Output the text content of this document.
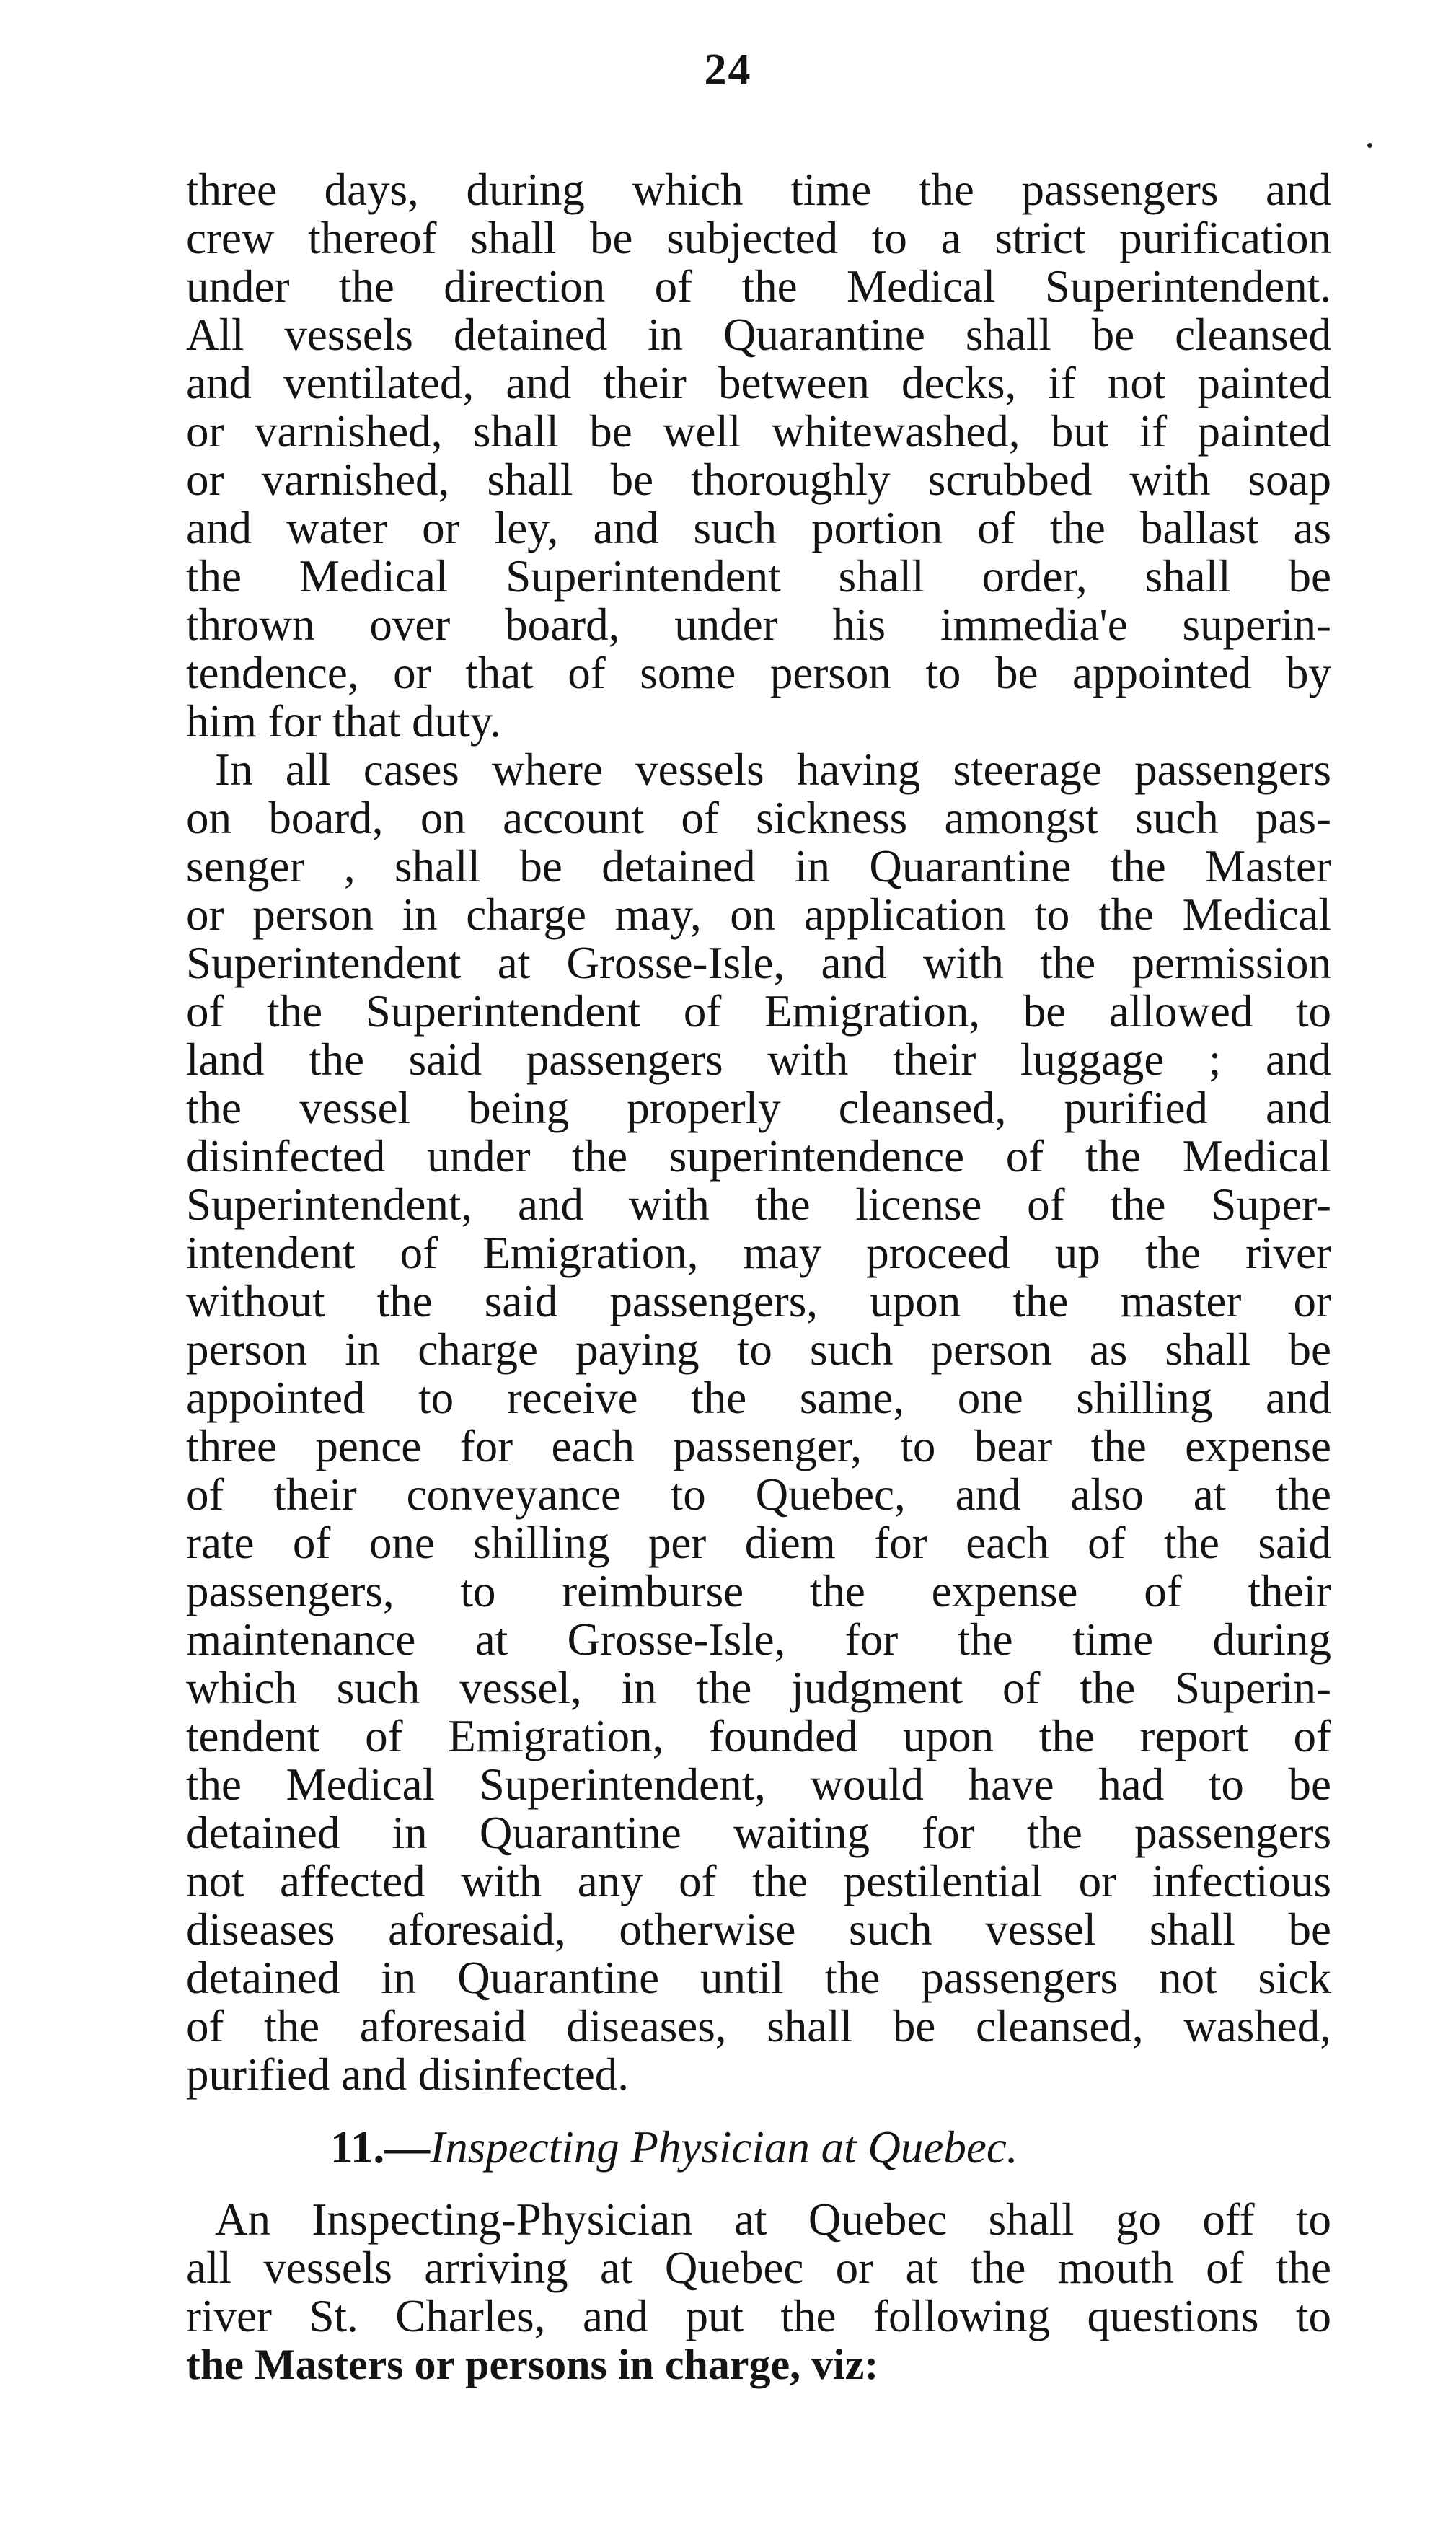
24
three days, during which time the passengers and
crew thereof shall be subjected to a strict purification
under the direction of the Medical Superintendent.
All vessels detained in Quarantine shall be cleansed
and ventilated, and their between decks, if not painted
or varnished, shall be well whitewashed, but if painted
or varnished, shall be thoroughly scrubbed with soap
and water or ley, and such portion of the ballast as
the Medical Superintendent shall order, shall be
thrown over board, under his immedia'e superin-
tendence, or that of some person to be appointed by
him for that duty.
In all cases where vessels having steerage passengers
on board, on account of sickness amongst such pas-
senger , shall be detained in Quarantine the Master
or person in charge may, on application to the Medical
Superintendent at Grosse-Isle, and with the permission
of the Superintendent of Emigration, be allowed to
land the said passengers with their luggage ; and
the vessel being properly cleansed, purified and
disinfected under the superintendence of the Medical
Superintendent, and with the license of the Super-
intendent of Emigration, may proceed up the river
without the said passengers, upon the master or
person in charge paying to such person as shall be
appointed to receive the same, one shilling and
three pence for each passenger, to bear the expense
of their conveyance to Quebec, and also at the
rate of one shilling per diem for each of the said
passengers, to reimburse the expense of their
maintenance at Grosse-Isle, for the time during
which such vessel, in the judgment of the Superin-
tendent of Emigration, founded upon the report of
the Medical Superintendent, would have had to be
detained in Quarantine waiting for the passengers
not affected with any of the pestilential or infectious
diseases aforesaid, otherwise such vessel shall be
detained in Quarantine until the passengers not sick
of the aforesaid diseases, shall be cleansed, washed,
purified and disinfected.
11.—Inspecting Physician at Quebec.
An Inspecting-Physician at Quebec shall go off to
all vessels arriving at Quebec or at the mouth of the
river St. Charles, and put the following questions to
the Masters or persons in charge, viz:
